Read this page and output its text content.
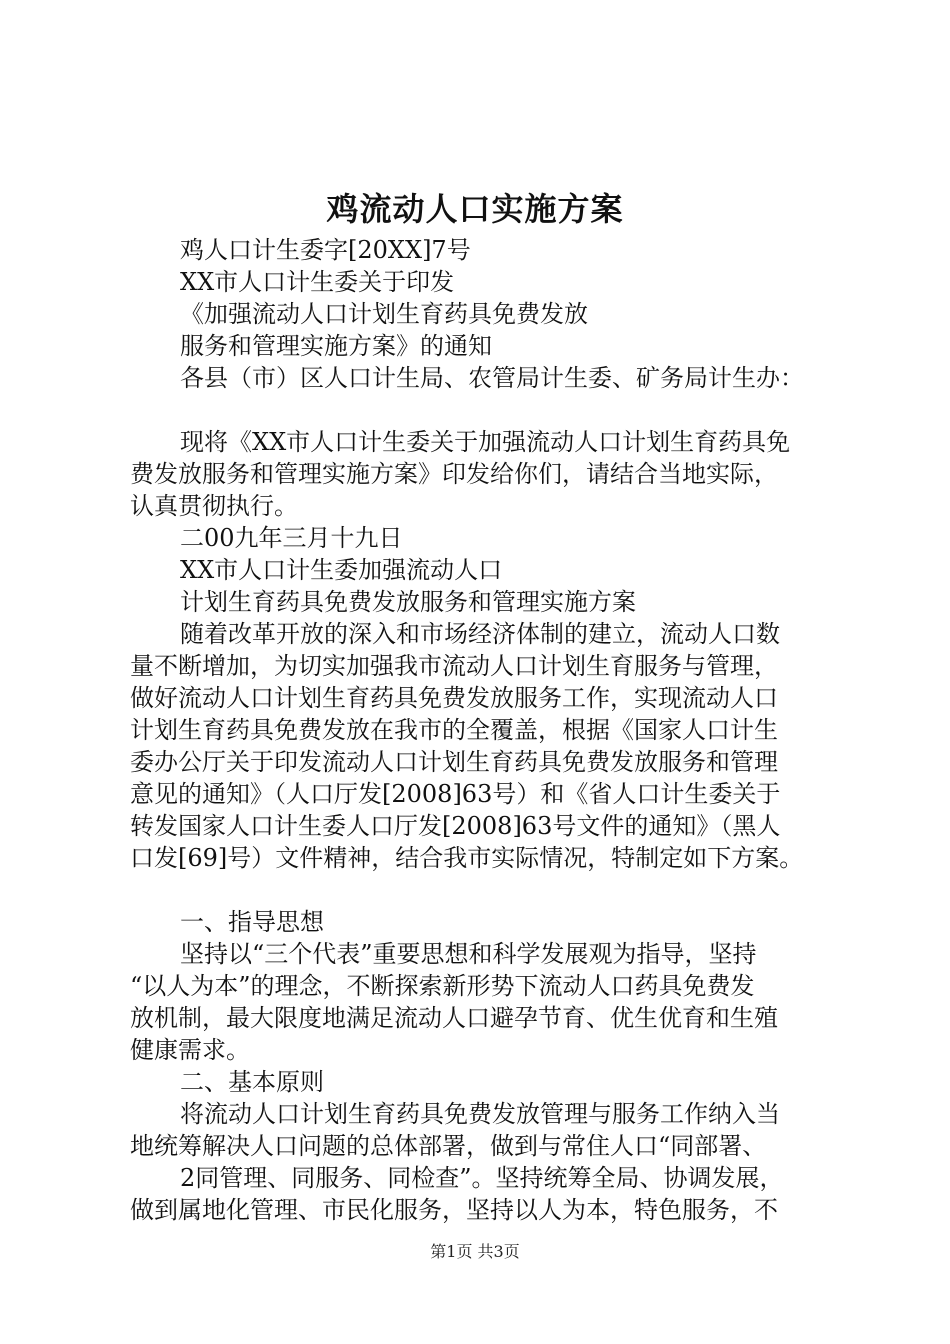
鸡流动人口实施方案
鸡人口计生委字[20XX]7号
XX市人口计生委关于印发
《加强流动人口计划生育药具免费发放
服务和管理实施方案》的通知
各县（市）区人口计生局、农管局计生委、矿务局计生办：
现将《XX市人口计生委关于加强流动人口计划生育药具免
费发放服务和管理实施方案》印发给你们，请结合当地实际，
认真贯彻执行。
二00九年三月十九日
XX市人口计生委加强流动人口
计划生育药具免费发放服务和管理实施方案
随着改革开放的深入和市场经济体制的建立，流动人口数
量不断增加，为切实加强我市流动人口计划生育服务与管理，
做好流动人口计划生育药具免费发放服务工作，实现流动人口
计划生育药具免费发放在我市的全覆盖，根据《国家人口计生
委办公厅关于印发流动人口计划生育药具免费发放服务和管理
意见的通知》（人口厅发[2008]63号）和《省人口计生委关于
转发国家人口计生委人口厅发[2008]63号文件的通知》（黑人
口发[69]号）文件精神，结合我市实际情况，特制定如下方案。
一、指导思想
坚持以“三个代表”重要思想和科学发展观为指导，坚持
“以人为本”的理念，不断探索新形势下流动人口药具免费发
放机制，最大限度地满足流动人口避孕节育、优生优育和生殖
健康需求。
二、基本原则
将流动人口计划生育药具免费发放管理与服务工作纳入当
地统筹解决人口问题的总体部署，做到与常住人口“同部署、
2同管理、同服务、同检查”。坚持统筹全局、协调发展，
做到属地化管理、市民化服务，坚持以人为本，特色服务，不
第1页 共3页
